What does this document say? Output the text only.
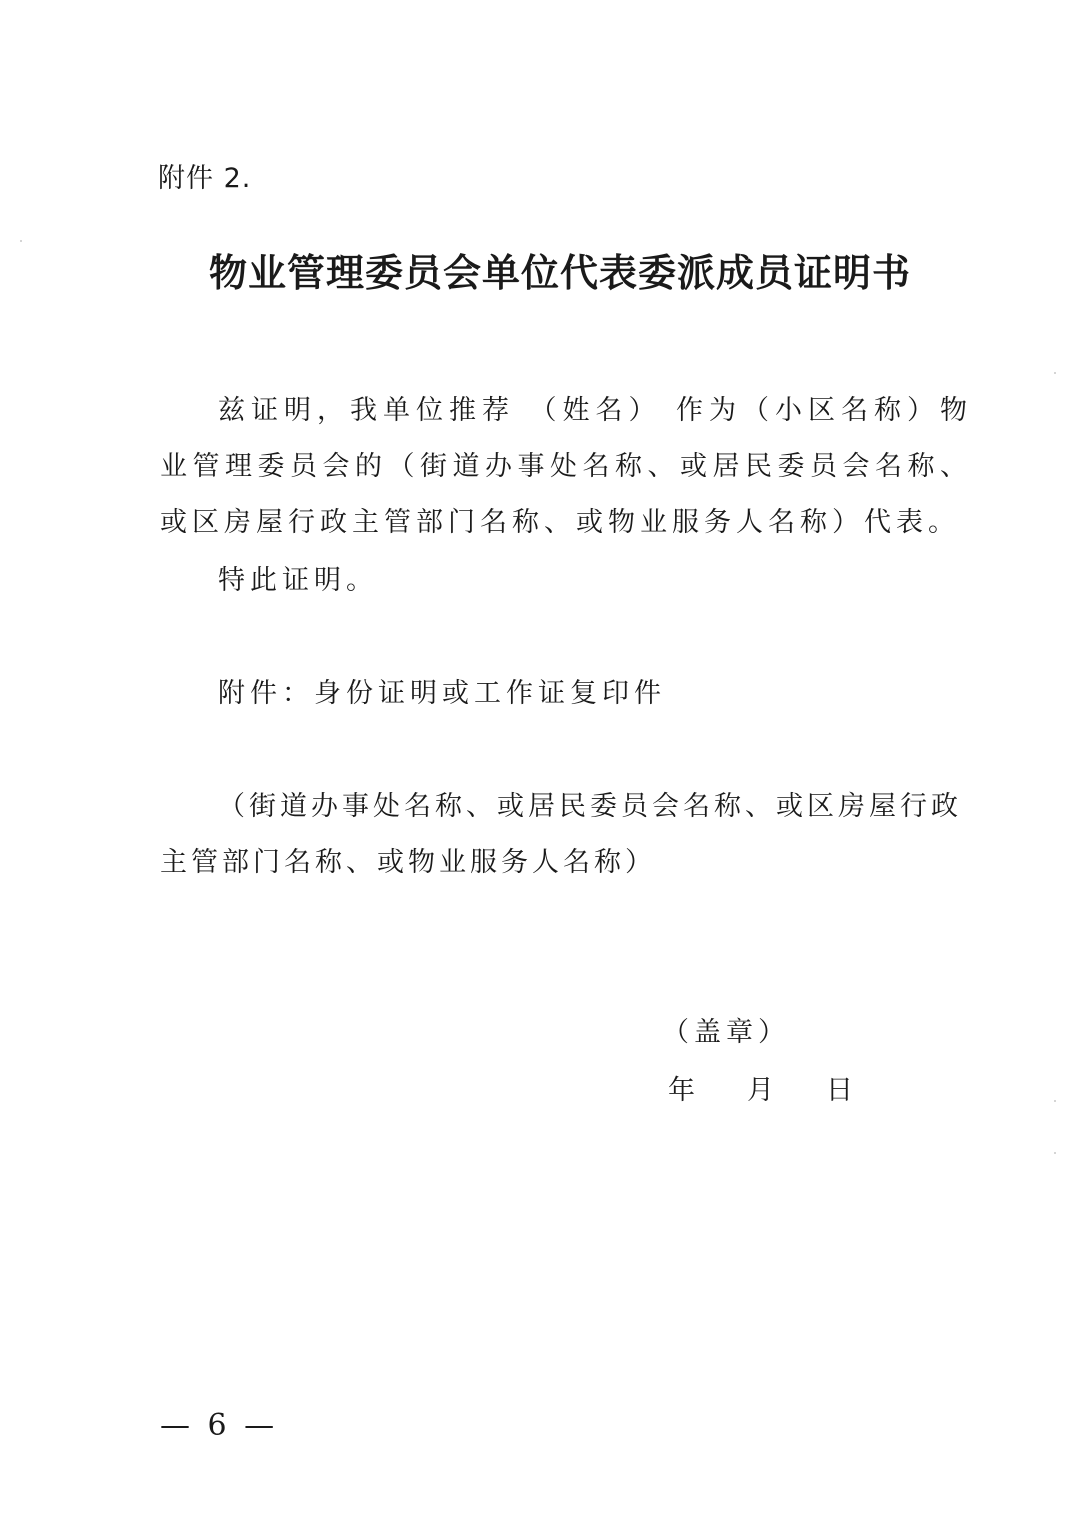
附件 2.
物业管理委员会单位代表委派成员证明书
兹证明，我单位推荐 （姓名） 作为（小区名称）物业管理委员会的（街道办事处名称、或居民委员会名称、或区房屋行政主管部门名称、或物业服务人名称）代表。
特此证明。
附件：身份证明或工作证复印件
（街道办事处名称、或居民委员会名称、或区房屋行政主管部门名称、或物业服务人名称）
（盖章）
年 月 日
— 6 —
